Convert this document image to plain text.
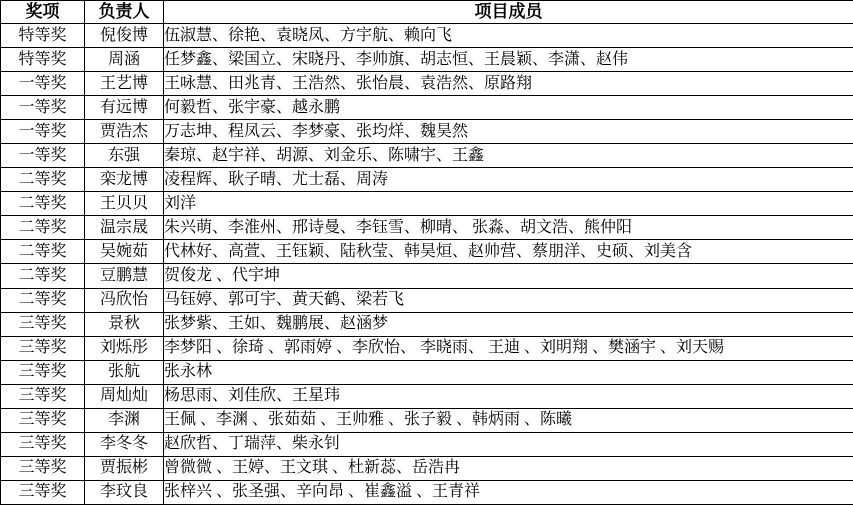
奖项	负责人	项目成员
特等奖	倪俊博	伍淑慧、徐艳、袁晓凤、方宇航、赖向飞
特等奖	周涵	任梦鑫、梁国立、宋晓丹、李帅旗、胡志恒、王晨颖、李潇、赵伟
一等奖	王艺博	王咏慧、田兆青、王浩然、张怡晨、袁浩然、原路翔
一等奖	有远博	何毅哲、张宇豪、越永鹏
一等奖	贾浩杰	万志坤、程凤云、李梦豪、张均烊、魏昊然
一等奖	东强	秦琼、赵宇祥、胡源、刘金乐、陈啸宇、王鑫
二等奖	栾龙博	凌程辉、耿子晴、尤士磊、周涛
二等奖	王贝贝	刘洋
二等奖	温宗晟	朱兴萌、李淮州、邢诗曼、李钰雪、柳晴、 张淼、胡文浩、熊仲阳
二等奖	吴婉茹	代林好、高萱、王钰颖、陆秋莹、韩昊烜、赵帅营、蔡朋洋、史硕、刘美含
二等奖	豆鹏慧	贺俊龙 、代宇坤
二等奖	冯欣怡	马钰婷、郭可宇、黄天鹤、梁若飞
三等奖	景秋	张梦紫、王如、魏鹏展、赵涵梦
三等奖	刘烁彤	李梦阳 、徐琦 、郭雨婷 、李欣怡、 李晓雨、 王迪 、刘明翔 、樊涵宇 、刘天赐
三等奖	张航	张永林
三等奖	周灿灿	杨思雨、刘佳欣、王星玮
三等奖	李渊	王佩 、李渊 、张茹茹 、王帅雅 、张子毅 、韩炳雨 、陈曦
三等奖	李冬冬	赵欣哲、丁瑞萍、柴永钊
三等奖	贾振彬	曾微微 、王婷、王文琪 、杜新蕊、岳浩冉
三等奖	李玟良	张梓兴 、张圣强、辛向昂 、崔鑫溢 、王青祥
